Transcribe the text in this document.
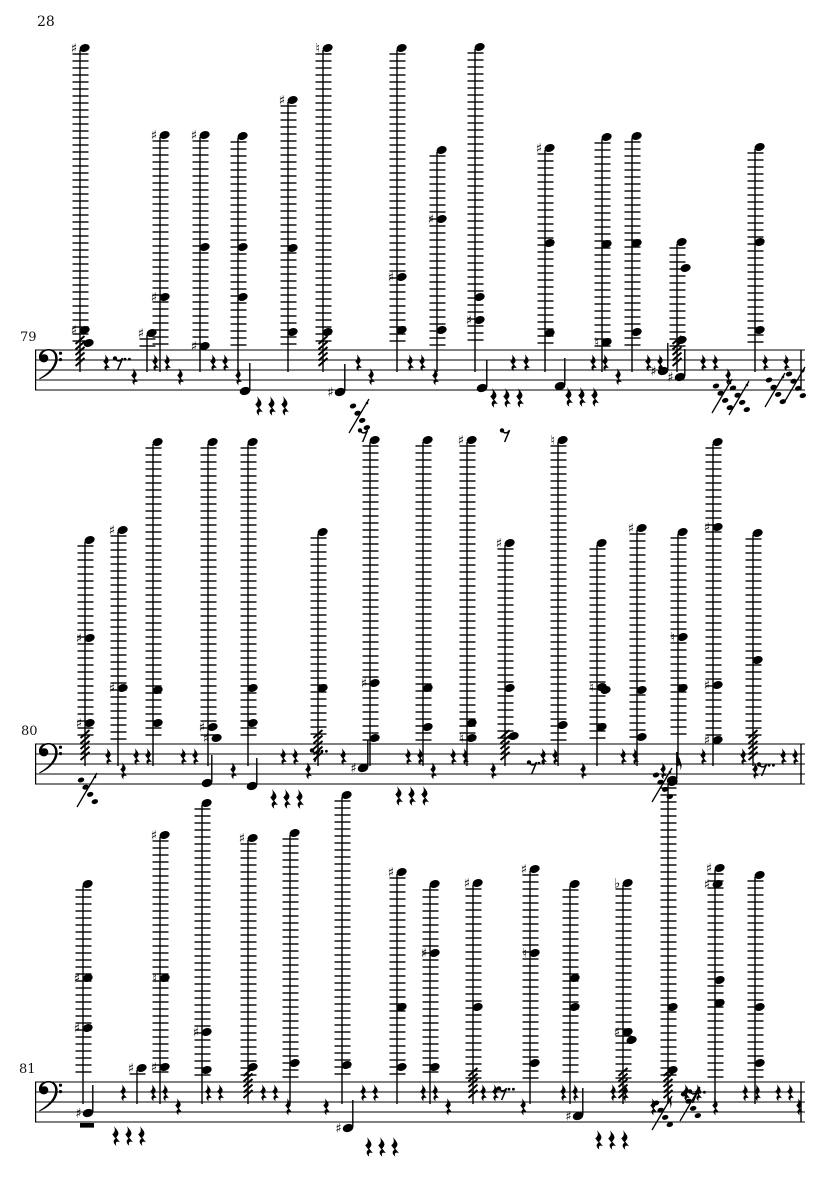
28
79
80
81
♯
♯	♯
♯
♯
♯
♯
♯
♮
♯
♯
♯
♯
♮
♯
♯ ♯
♯
♯
♯
♯
♯
♯
♯
♯
♮
♯
♮
♮
♯
♮
♯
♯
♯
♯
♯
♯
♯
♯
♮
♯
♯
♯
♯
♯
♯
♯
♮
♭
♯
♯
♯
♯
♯
♯
